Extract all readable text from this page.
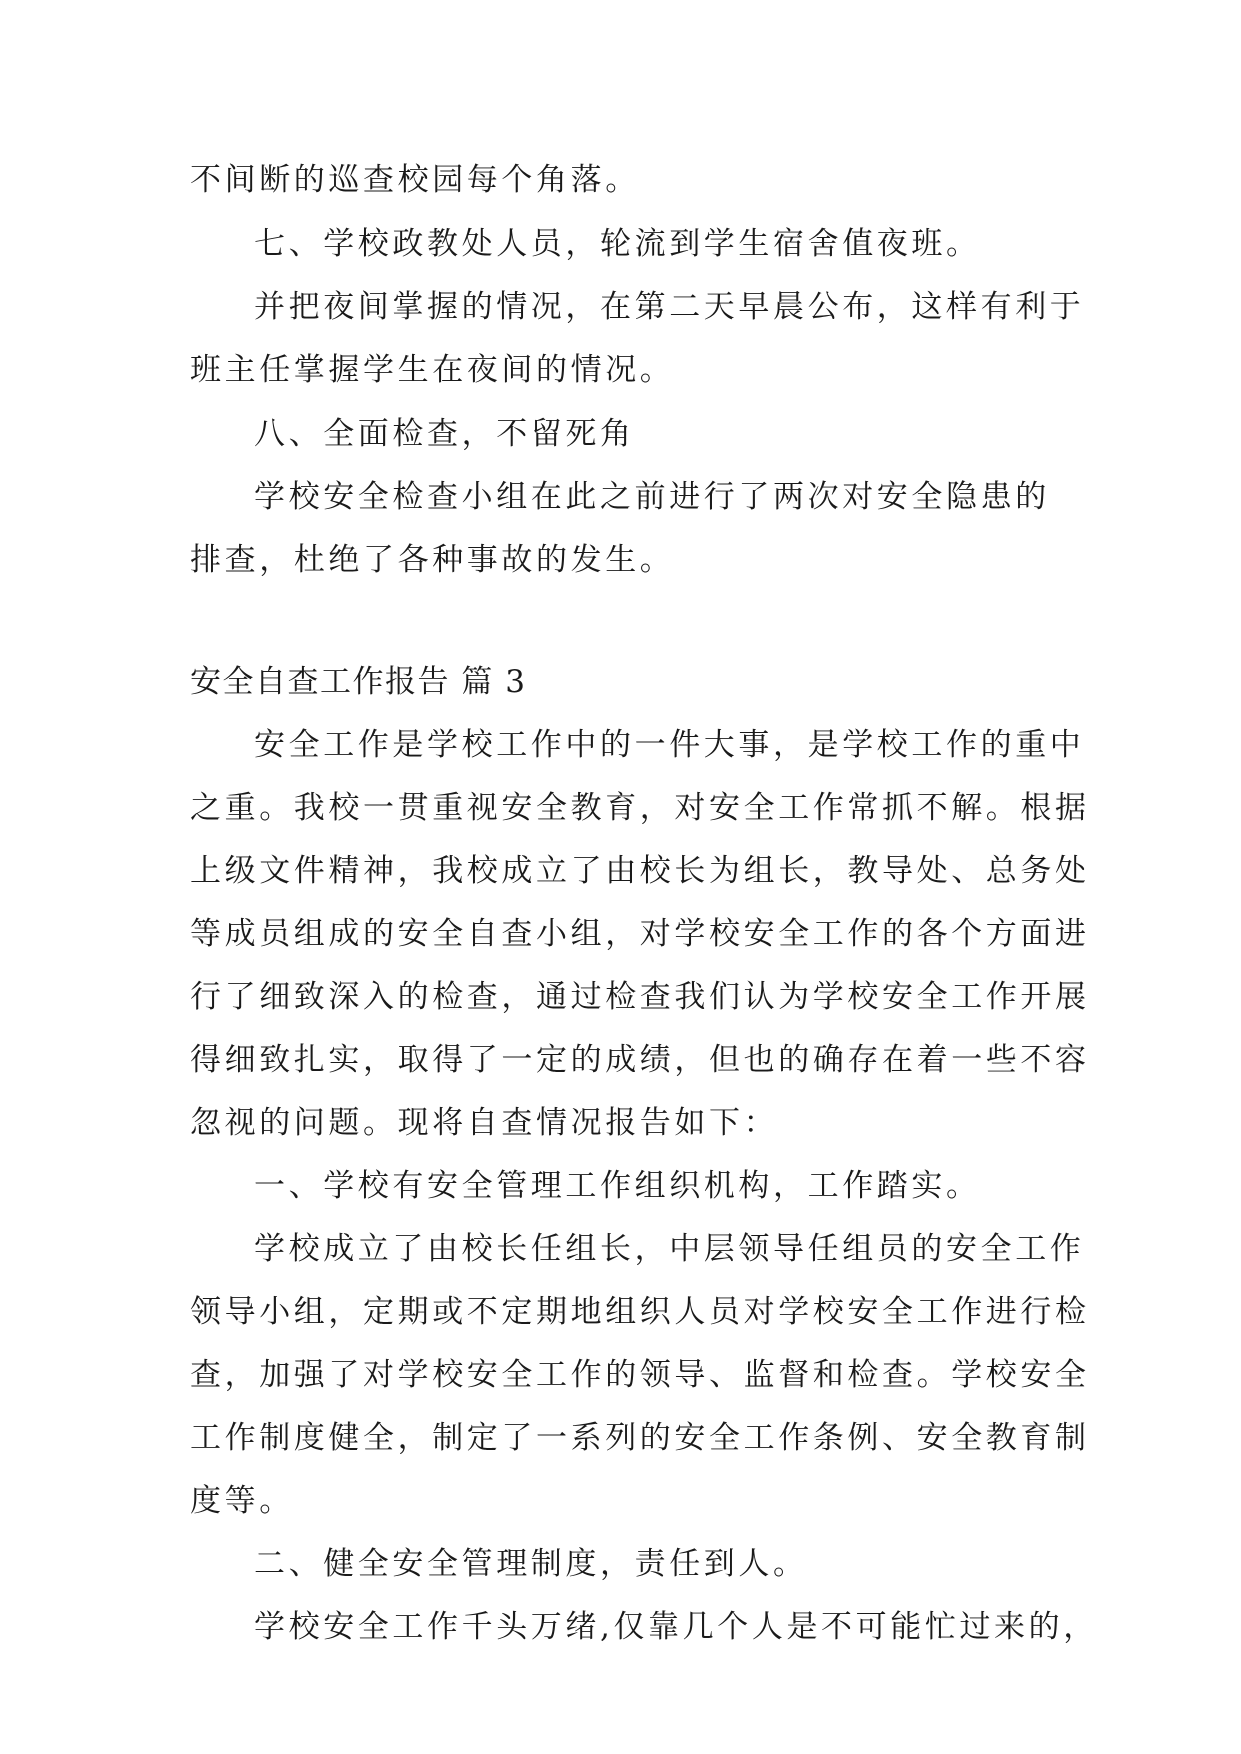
不间断的巡查校园每个角落。
七、学校政教处人员，轮流到学生宿舍值夜班。
并把夜间掌握的情况，在第二天早晨公布，这样有利于
班主任掌握学生在夜间的情况。
八、全面检查，不留死角
学校安全检查小组在此之前进行了两次对安全隐患的
排查，杜绝了各种事故的发生。
安全自查工作报告 篇 3
安全工作是学校工作中的一件大事，是学校工作的重中
之重。我校一贯重视安全教育，对安全工作常抓不解。根据
上级文件精神，我校成立了由校长为组长，教导处、总务处
等成员组成的安全自查小组，对学校安全工作的各个方面进
行了细致深入的检查，通过检查我们认为学校安全工作开展
得细致扎实，取得了一定的成绩，但也的确存在着一些不容
忽视的问题。现将自查情况报告如下：
一、学校有安全管理工作组织机构，工作踏实。
学校成立了由校长任组长，中层领导任组员的安全工作
领导小组，定期或不定期地组织人员对学校安全工作进行检
查，加强了对学校安全工作的领导、监督和检查。学校安全
工作制度健全，制定了一系列的安全工作条例、安全教育制
度等。
二、健全安全管理制度，责任到人。
学校安全工作千头万绪,仅靠几个人是不可能忙过来的，
